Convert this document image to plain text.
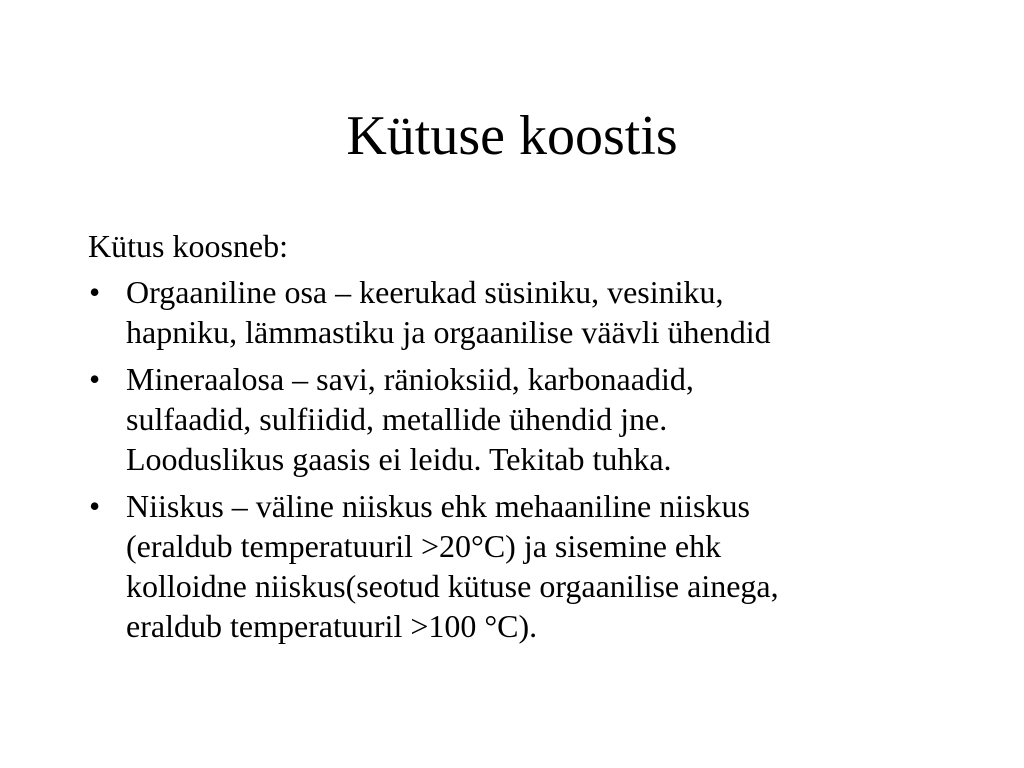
Kütuse koostis

Kütus koosneb:

• Orgaaniline osa – keerukad süsiniku, vesiniku,
hapniku, lämmastiku ja orgaanilise väävli ühendid
• Mineraalosa – savi, ränioksiid, karbonaadid,
sulfaadid, sulfiidid, metallide ühendid jne.
Looduslikus gaasis ei leidu. Tekitab tuhka.
• Niiskus – väline niiskus ehk mehaaniline niiskus
(eraldub temperatuuril >20°C) ja sisemine ehk
kolloidne niiskus(seotud kütuse orgaanilise ainega,
eraldub temperatuuril >100 °C).
